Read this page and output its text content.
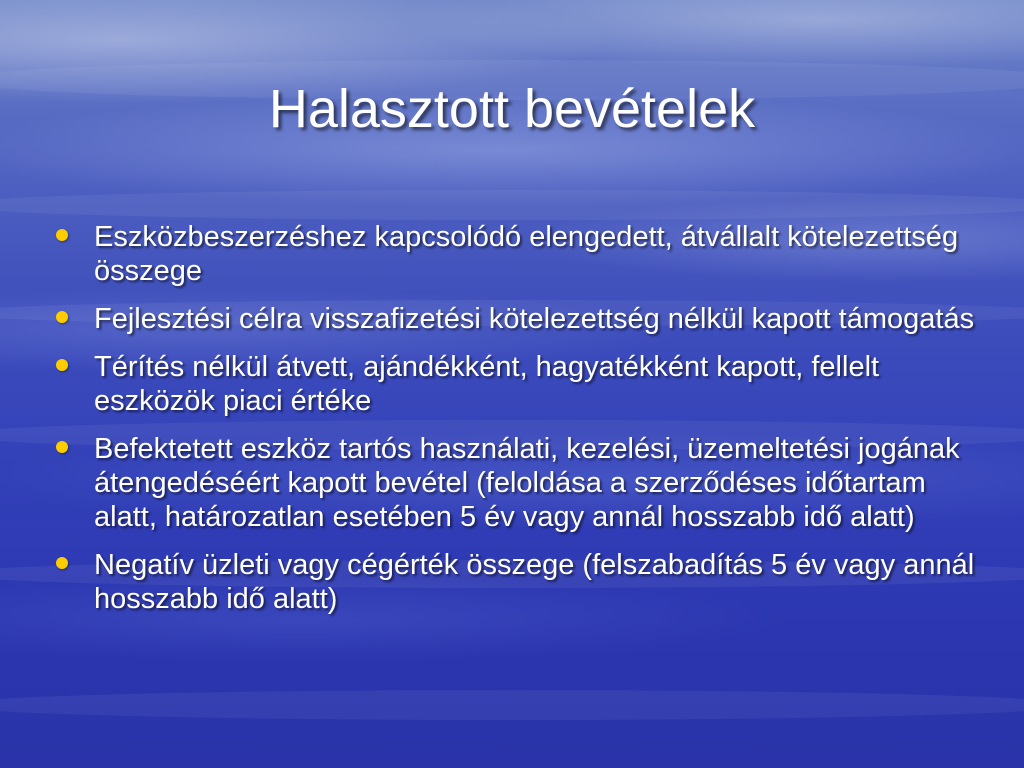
Halasztott bevételek
Eszközbeszerzéshez kapcsolódó elengedett, átvállalt kötelezettség összege
Fejlesztési célra visszafizetési kötelezettség nélkül kapott támogatás
Térítés nélkül átvett, ajándékként, hagyatékként kapott, fellelt eszközök piaci értéke
Befektetett eszköz tartós használati, kezelési, üzemeltetési jogának átengedéséért kapott bevétel (feloldása a szerződéses időtartam alatt, határozatlan esetében 5 év vagy annál hosszabb idő alatt)
Negatív üzleti vagy cégérték összege (felszabadítás 5 év vagy annál hosszabb idő alatt)
